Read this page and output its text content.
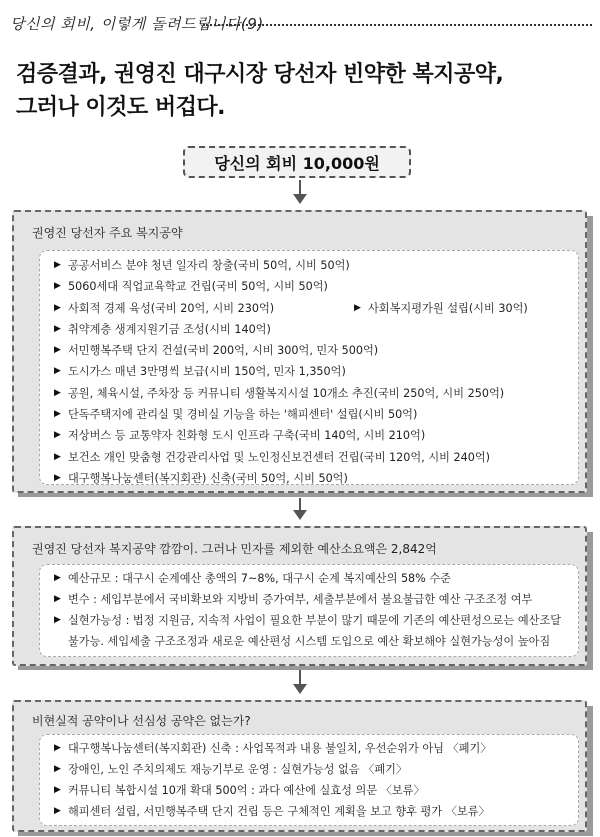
당신의 회비, 이렇게 돌려드립니다(9)
검증결과, 권영진 대구시장 당선자 빈약한 복지공약,
그러나 이것도 버겁다.
당신의 회비 10,000원
권영진 당선자 주요 복지공약
▶ 공공서비스 분야 청년 일자리 창출(국비 50억, 시비 50억)
▶ 5060세대 직업교육학교 건립(국비 50억, 시비 50억)
▶ 사회적 경제 육성(국비 20억, 시비 230억)	▶ 사회복지평가원 설립(시비 30억)
▶ 취약계층 생계지원기금 조성(시비 140억)
▶ 서민행복주택 단지 건설(국비 200억, 시비 300억, 민자 500억)
▶ 도시가스 매년 3만명씩 보급(시비 150억, 민자 1,350억)
▶ 공원, 체육시설, 주차장 등 커뮤니티 생활복지시설 10개소 추진(국비 250억, 시비 250억)
▶ 단독주택지에 관리실 및 경비실 기능을 하는 '해피센터' 설립(시비 50억)
▶ 저상버스 등 교통약자 친화형 도시 인프라 구축(국비 140억, 시비 210억)
▶ 보건소 개인 맞춤형 건강관리사업 및 노인정신보건센터 건립(국비 120억, 시비 240억)
▶ 대구행복나눔센터(복지회관) 신축(국비 50억, 시비 50억)
권영진 당선자 복지공약 깜깜이. 그러나 민자를 제외한 예산소요액은 2,842억
▶ 예산규모 : 대구시 순계예산 총액의 7~8%, 대구시 순계 복지예산의 58% 수준
▶ 변수 : 세입부분에서 국비확보와 지방비 증가여부, 세출부분에서 불요불급한 예산 구조조정 여부
▶ 실현가능성 : 법정 지원금, 지속적 사업이 필요한 부분이 많기 때문에 기존의 예산편성으로는 예산조달 불가능. 세입세출 구조조정과 새로운 예산편성 시스템 도입으로 예산 확보해야 실현가능성이 높아짐
비현실적 공약이나 선심성 공약은 없는가?
▶ 대구행복나눔센터(복지회관) 신축 : 사업목적과 내용 불일치, 우선순위가 아님 〈폐기〉
▶ 장애인, 노인 주치의제도 재능기부로 운영 : 실현가능성 없음 〈폐기〉
▶ 커뮤니티 복합시설 10개 확대 500억 : 과다 예산에 실효성 의문 〈보류〉
▶ 해피센터 설립, 서민행복주택 단지 건립 등은 구체적인 계획을 보고 향후 평가 〈보류〉
